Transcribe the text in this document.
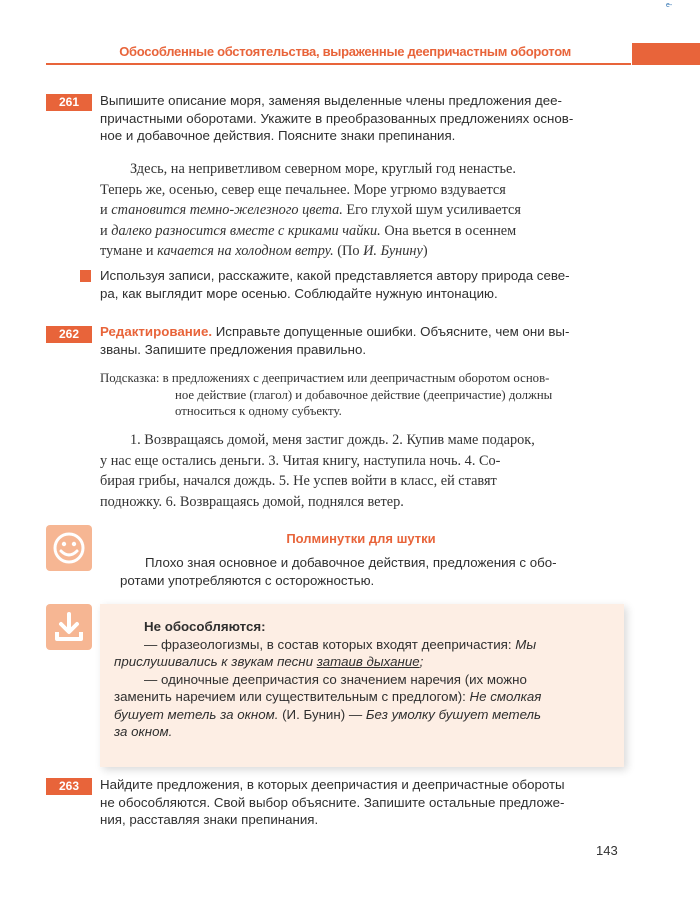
e-
Обособленные обстоятельства, выраженные деепричастным оборотом
261	Выпишите описание моря, заменяя выделенные члены предложения дее-
причастными оборотами. Укажите в преобразованных предложениях основ-
ное и добавочное действия. Поясните знаки препинания.
Здесь, на неприветливом северном море, круглый год ненастье.
Теперь же, осенью, север еще печальнее. Море угрюмо вздувается
и становится темно-железного цвета. Его глухой шум усиливается
и далеко разносится вместе с криками чайки. Она вьется в осеннем
тумане и качается на холодном ветру. (По И. Бунину)
Используя записи, расскажите, какой представляется автору природа севе-
ра, как выглядит море осенью. Соблюдайте нужную интонацию.
262	Редактирование. Исправьте допущенные ошибки. Объясните, чем они вы-
званы. Запишите предложения правильно.
Подсказка: в предложениях с деепричастием или деепричастным оборотом основ-
ное действие (глагол) и добавочное действие (деепричастие) должны
относиться к одному субъекту.
1. Возвращаясь домой, меня застиг дождь. 2. Купив маме подарок,
у нас еще остались деньги. 3. Читая книгу, наступила ночь. 4. Со-
бирая грибы, начался дождь. 5. Не успев войти в класс, ей ставят
подножку. 6. Возвращаясь домой, поднялся ветер.
Полминутки для шутки
Плохо зная основное и добавочное действия, предложения с обо-
ротами употребляются с осторожностью.
Не обособляются:
— фразеологизмы, в состав которых входят деепричастия: Мы
прислушивались к звукам песни затаив дыхание;
— одиночные деепричастия со значением наречия (их можно
заменить наречием или существительным с предлогом): Не смолкая
бушует метель за окном. (И. Бунин) — Без умолку бушует метель
за окном.
263	Найдите предложения, в которых деепричастия и деепричастные обороты
не обособляются. Свой выбор объясните. Запишите остальные предложе-
ния, расставляя знаки препинания.
143
